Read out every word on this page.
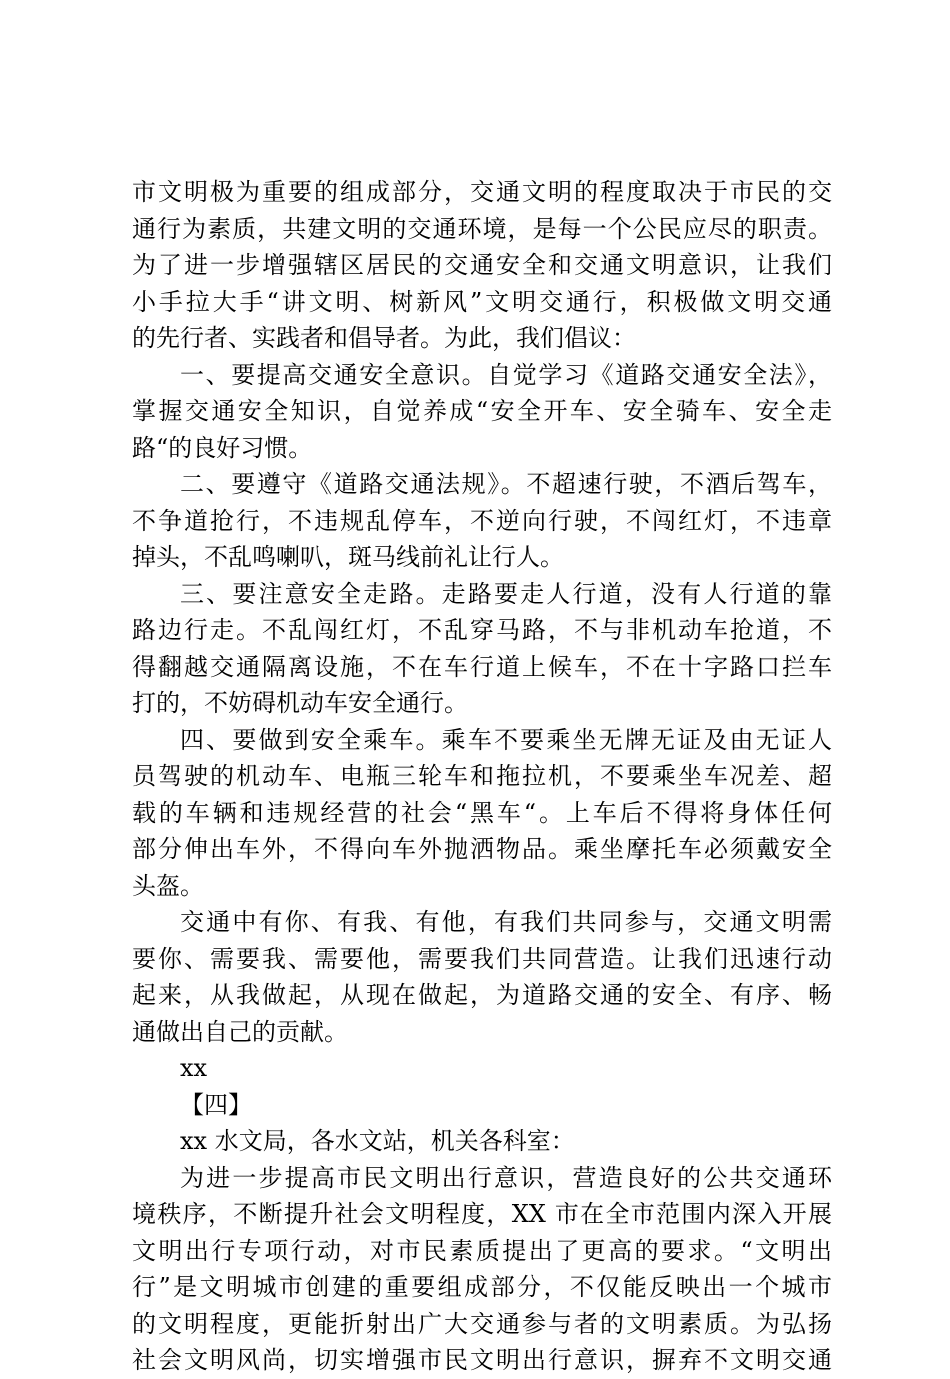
市文明极为重要的组成部分，交通文明的程度取决于市民的交
通行为素质，共建文明的交通环境，是每一个公民应尽的职责。
为了进一步增强辖区居民的交通安全和交通文明意识，让我们
小手拉大手“讲文明、树新风”文明交通行，积极做文明交通
的先行者、实践者和倡导者。为此，我们倡议：
一、要提高交通安全意识。自觉学习《道路交通安全法》，
掌握交通安全知识，自觉养成“安全开车、安全骑车、安全走
路“的良好习惯。
二、要遵守《道路交通法规》。不超速行驶，不酒后驾车，
不争道抢行，不违规乱停车，不逆向行驶，不闯红灯，不违章
掉头，不乱鸣喇叭，斑马线前礼让行人。
三、要注意安全走路。走路要走人行道，没有人行道的靠
路边行走。不乱闯红灯，不乱穿马路，不与非机动车抢道，不
得翻越交通隔离设施，不在车行道上候车，不在十字路口拦车
打的，不妨碍机动车安全通行。
四、要做到安全乘车。乘车不要乘坐无牌无证及由无证人
员驾驶的机动车、电瓶三轮车和拖拉机，不要乘坐车况差、超
载的车辆和违规经营的社会“黑车“。上车后不得将身体任何
部分伸出车外，不得向车外抛洒物品。乘坐摩托车必须戴安全
头盔。
交通中有你、有我、有他，有我们共同参与，交通文明需
要你、需要我、需要他，需要我们共同营造。让我们迅速行动
起来，从我做起，从现在做起，为道路交通的安全、有序、畅
通做出自己的贡献。
xx
【四】
xx 水文局，各水文站，机关各科室：
为进一步提高市民文明出行意识，营造良好的公共交通环
境秩序，不断提升社会文明程度，XX 市在全市范围内深入开展
文明出行专项行动，对市民素质提出了更高的要求。“文明出
行”是文明城市创建的重要组成部分，不仅能反映出一个城市
的文明程度，更能折射出广大交通参与者的文明素质。为弘扬
社会文明风尚，切实增强市民文明出行意识，摒弃不文明交通
